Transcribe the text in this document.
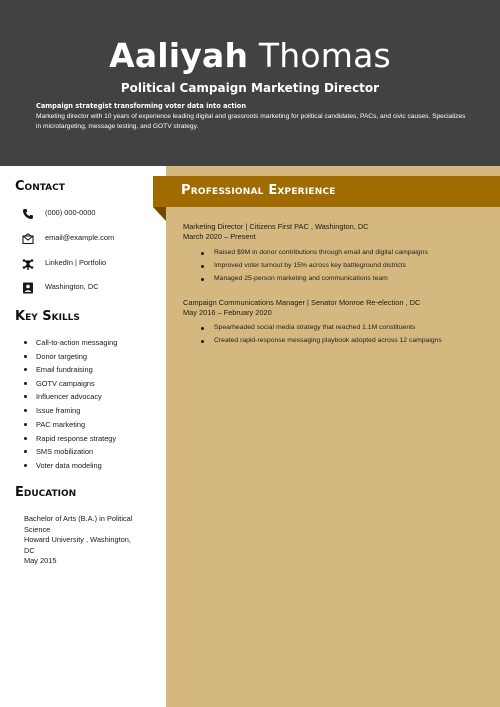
Aaliyah Thomas
Political Campaign Marketing Director
Campaign strategist transforming voter data into action
Marketing director with 10 years of experience leading digital and grassroots marketing for political candidates, PACs, and civic causes. Specializes in microtargeting, message testing, and GOTV strategy.
Professional Experience
Marketing Director | Citizens First PAC , Washington, DC
March 2020 – Present
Raised $9M in donor contributions through email and digital campaigns
Improved voter turnout by 15% across key battleground districts
Managed 25-person marketing and communications team
Campaign Communications Manager | Senator Monroe Re-election , DC
May 2016 – February 2020
Spearheaded social media strategy that reached 1.1M constituents
Created rapid-response messaging playbook adopted across 12 campaigns
Contact
(000) 000-0000
email@example.com
LinkedIn | Portfolio
Washington, DC
Key Skills
Call-to-action messaging
Donor targeting
Email fundraising
GOTV campaigns
Influencer advocacy
Issue framing
PAC marketing
Rapid response strategy
SMS mobilization
Voter data modeling
Education
Bachelor of Arts (B.A.) in Political
Science
Howard University , Washington,
DC
May 2015
